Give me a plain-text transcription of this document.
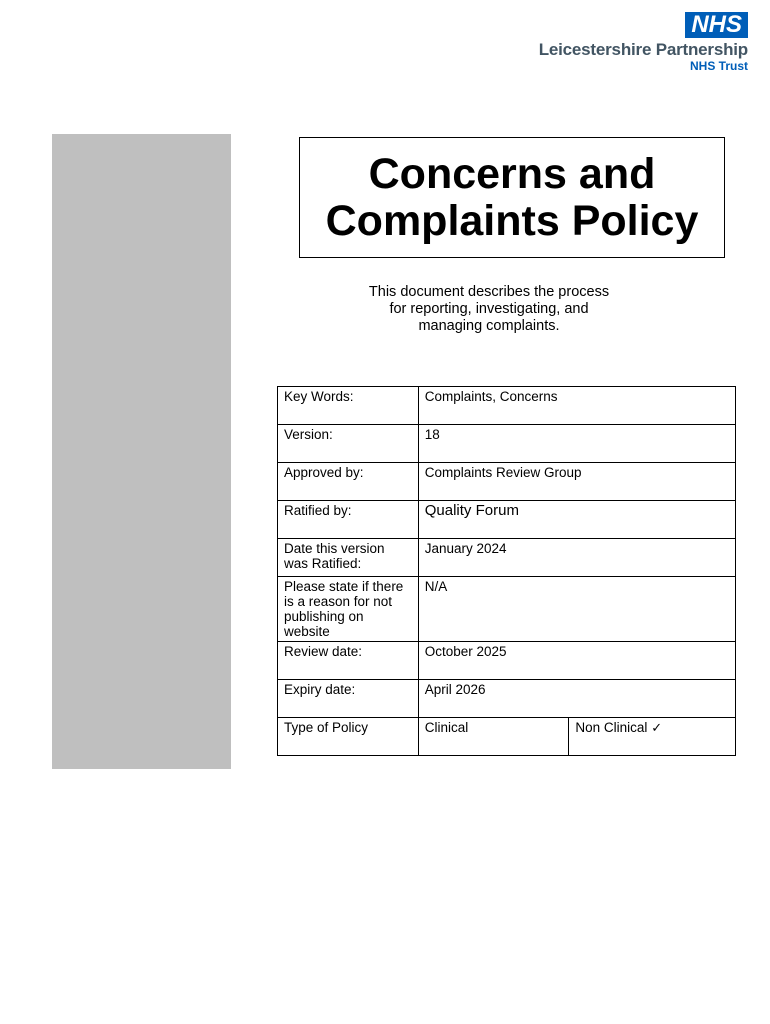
NHS
Leicestershire Partnership
NHS Trust
Concerns and
Complaints Policy
This document describes the process
for reporting, investigating, and
managing complaints.
Key Words:	Complaints, Concerns	
Version:	18	
Approved by:	Complaints Review Group	
Ratified by:	Quality Forum	
Date this version
was Ratified:	January 2024	
Please state if there
is a reason for not
publishing on
website	N/A	
Review date:	October 2025	
Expiry date:	April 2026	
Type of Policy	Clinical	Non Clinical ✓
